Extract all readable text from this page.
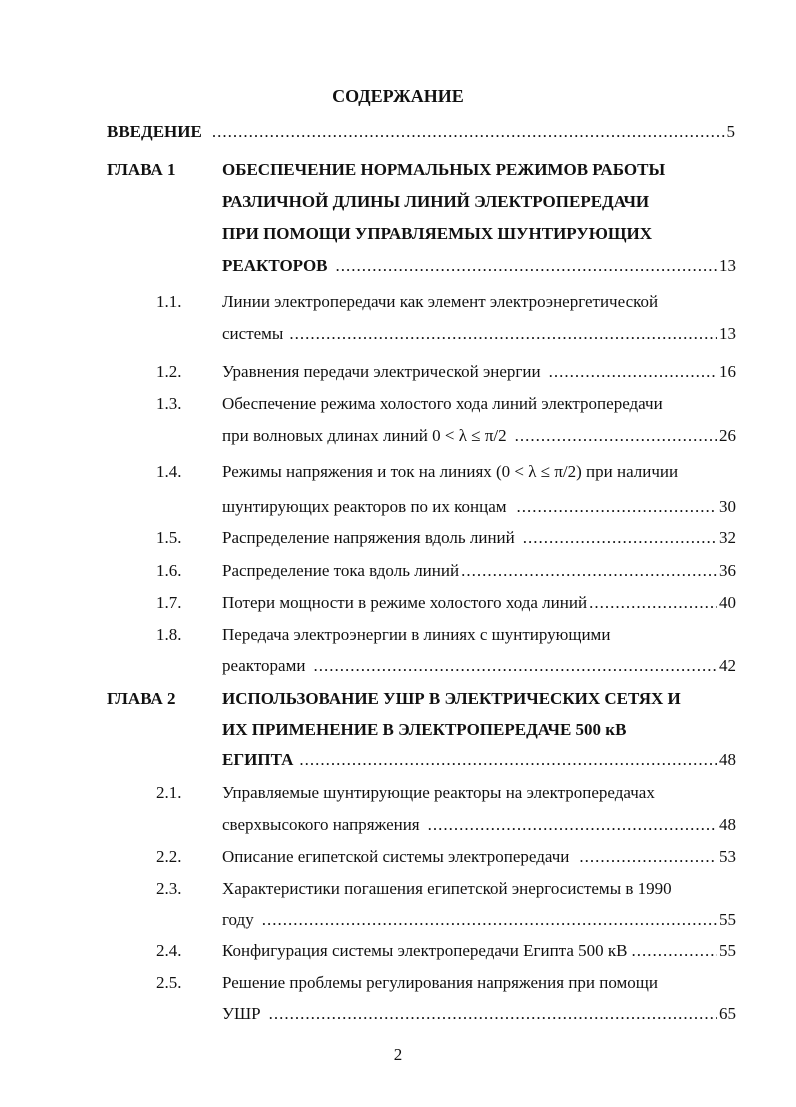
СОДЕРЖАНИЕ
ВВЕДЕНИЕ .....	5
ГЛАВА 1	ОБЕСПЕЧЕНИЕ НОРМАЛЬНЫХ РЕЖИМОВ РАБОТЫ
РАЗЛИЧНОЙ ДЛИНЫ ЛИНИЙ ЭЛЕКТРОПЕРЕДАЧИ
ПРИ ПОМОЩИ УПРАВЛЯЕМЫХ ШУНТИРУЮЩИХ
РЕАКТОРОВ .....	13
1.1. Линии электропередачи как элемент электроэнергетической
системы .....	13
1.2. Уравнения передачи электрической энергии .....	16
1.3. Обеспечение режима холостого хода линий электропередачи
при волновых длинах линий 0 < λ ≤ π/2 .....	26
1.4. Режимы напряжения и ток на линиях (0 < λ ≤ π/2) при наличии
шунтирующих реакторов по их концам .....	30
1.5. Распределение напряжения вдоль линий .....	32
1.6. Распределение тока вдоль линий .....	36
1.7. Потери мощности в режиме холостого хода линий .....	40
1.8. Передача электроэнергии в линиях с шунтирующими
реакторами .....	42
ГЛАВА 2	ИСПОЛЬЗОВАНИЕ УШР В ЭЛЕКТРИЧЕСКИХ СЕТЯХ И
ИХ ПРИМЕНЕНИЕ В ЭЛЕКТРОПЕРЕДАЧЕ 500 кВ
ЕГИПТА .....	48
2.1. Управляемые шунтирующие реакторы на электропередачах
сверхвысокого напряжения .....	48
2.2. Описание египетской системы электропередачи .....	53
2.3. Характеристики погашения египетской энергосистемы в 1990
году .....	55
2.4. Конфигурация системы электропередачи Египта 500 кВ .....	55
2.5. Решение проблемы регулирования напряжения при помощи
УШР .....	65
2
